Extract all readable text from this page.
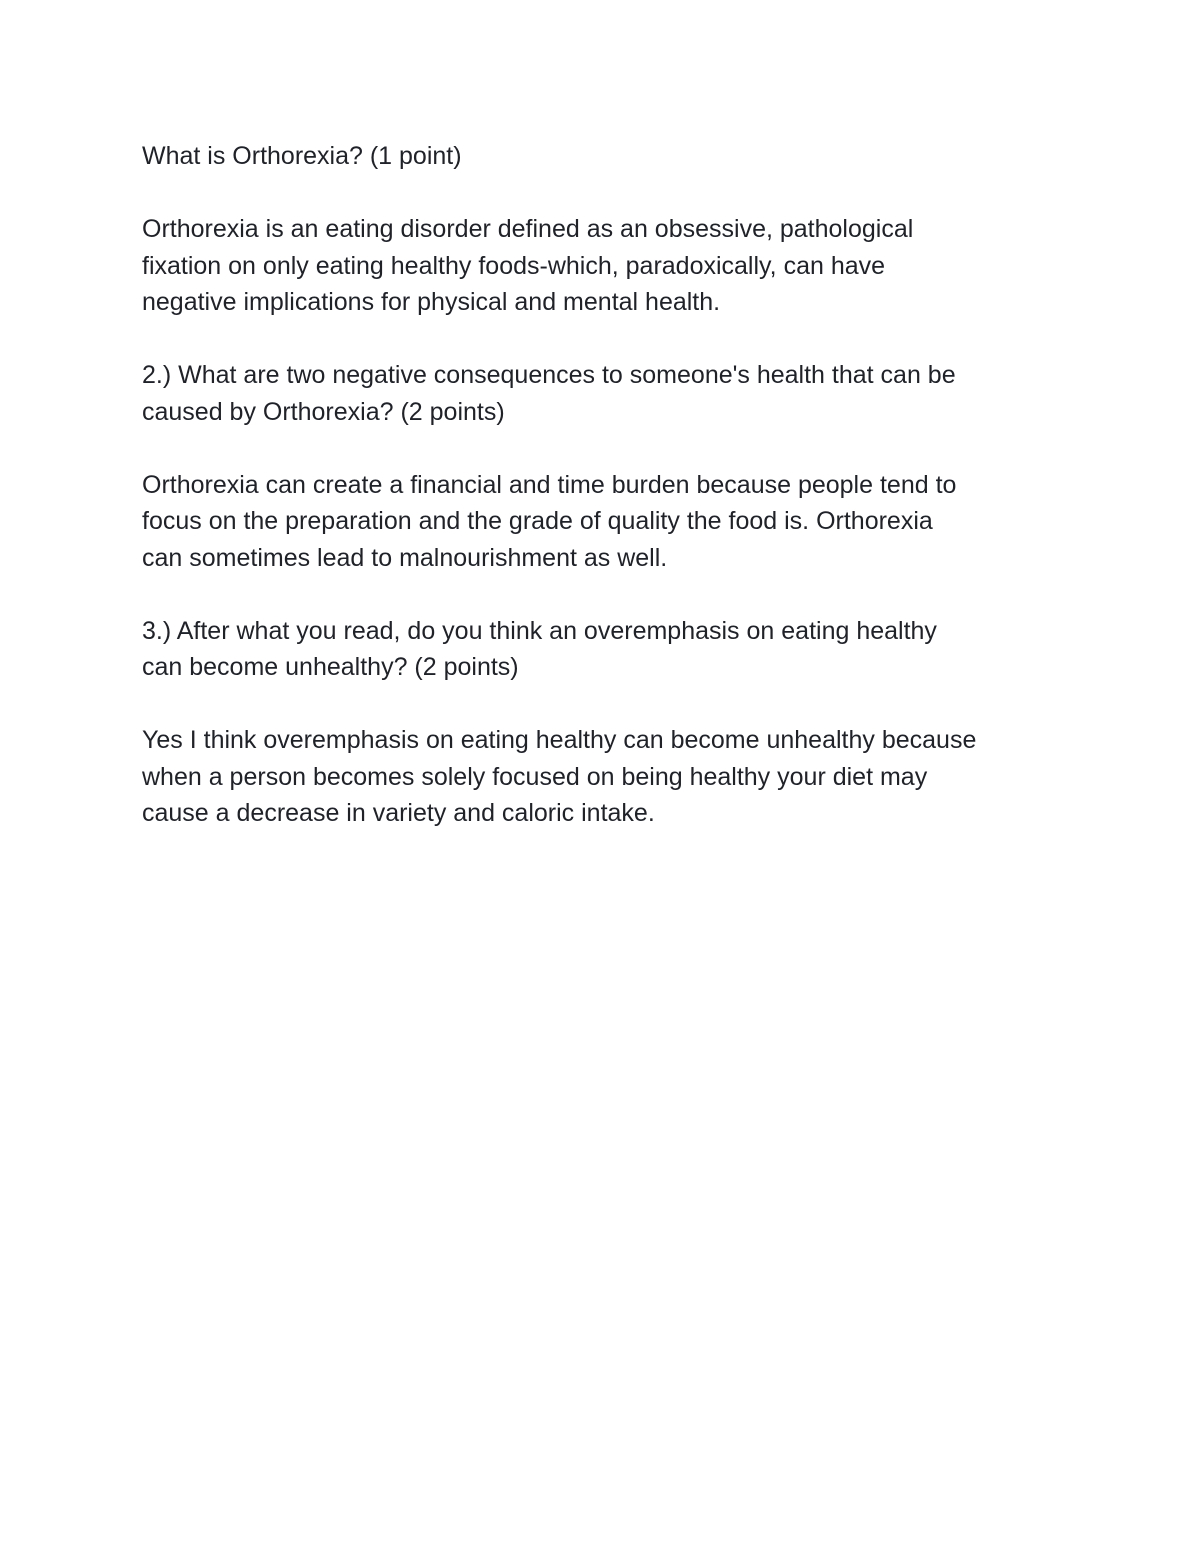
What is Orthorexia? (1 point)

Orthorexia is an eating disorder defined as an obsessive, pathological
fixation on only eating healthy foods-which, paradoxically, can have
negative implications for physical and mental health.

2.) What are two negative consequences to someone's health that can be
caused by Orthorexia? (2 points)

Orthorexia can create a financial and time burden because people tend to
focus on the preparation and the grade of quality the food is. Orthorexia
can sometimes lead to malnourishment as well.

3.) After what you read, do you think an overemphasis on eating healthy
can become unhealthy? (2 points)

Yes I think overemphasis on eating healthy can become unhealthy because
when a person becomes solely focused on being healthy your diet may
cause a decrease in variety and caloric intake.
